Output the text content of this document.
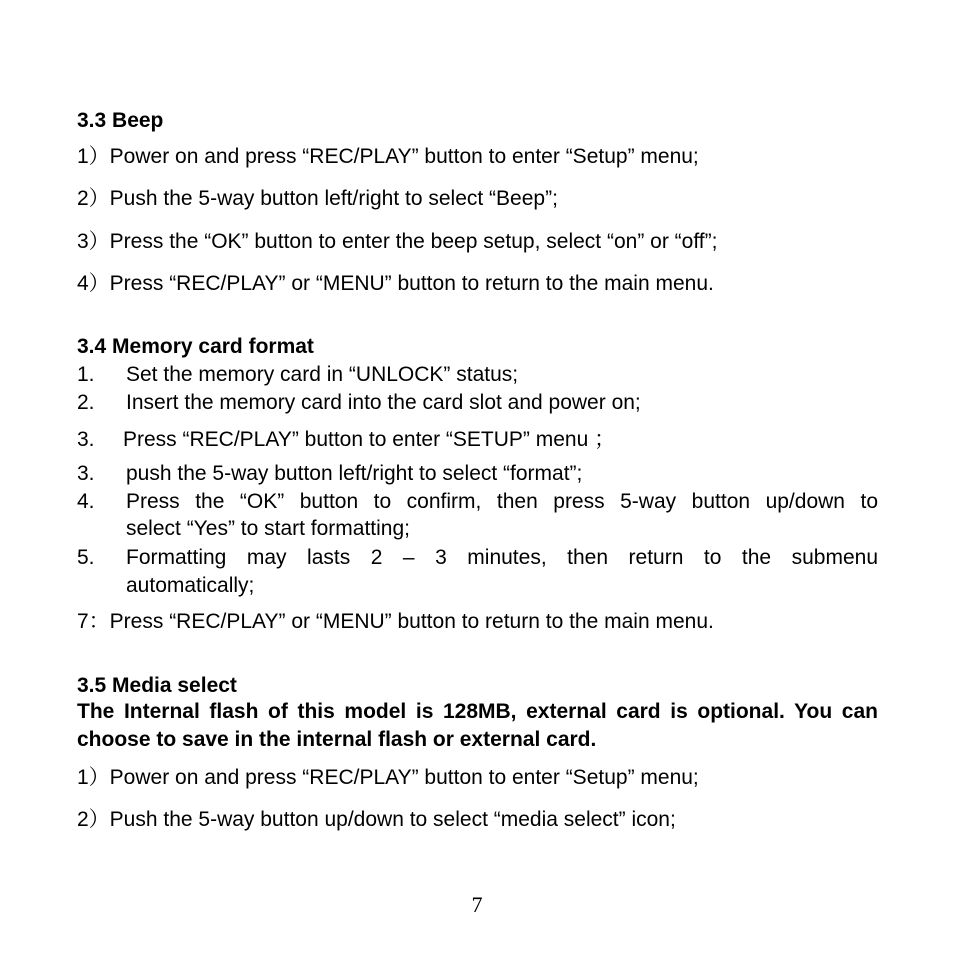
3.3 Beep
1）Power on and press “REC/PLAY” button to enter “Setup” menu;
2）Push the 5-way button left/right to select “Beep”;
3）Press the “OK” button to enter the beep setup, select “on” or “off”;
4）Press “REC/PLAY” or “MENU” button to return to the main menu.
3.4 Memory card format
1. Set the memory card in “UNLOCK” status;
2. Insert the memory card into the card slot and power on;
3. Press “REC/PLAY” button to enter “SETUP” menu ；
3. push the 5-way button left/right to select “format”;
4. Press the “OK” button to confirm, then press 5-way button up/down to
select “Yes” to start formatting;
5. Formatting may lasts 2 – 3 minutes, then return to the submenu
automatically;
7：Press “REC/PLAY” or “MENU” button to return to the main menu.
3.5 Media select
The Internal flash of this model is 128MB, external card is optional. You can choose to save in the internal flash or external card.
1）Power on and press “REC/PLAY” button to enter “Setup” menu;
2）Push the 5-way button up/down to select “media select” icon;
7
